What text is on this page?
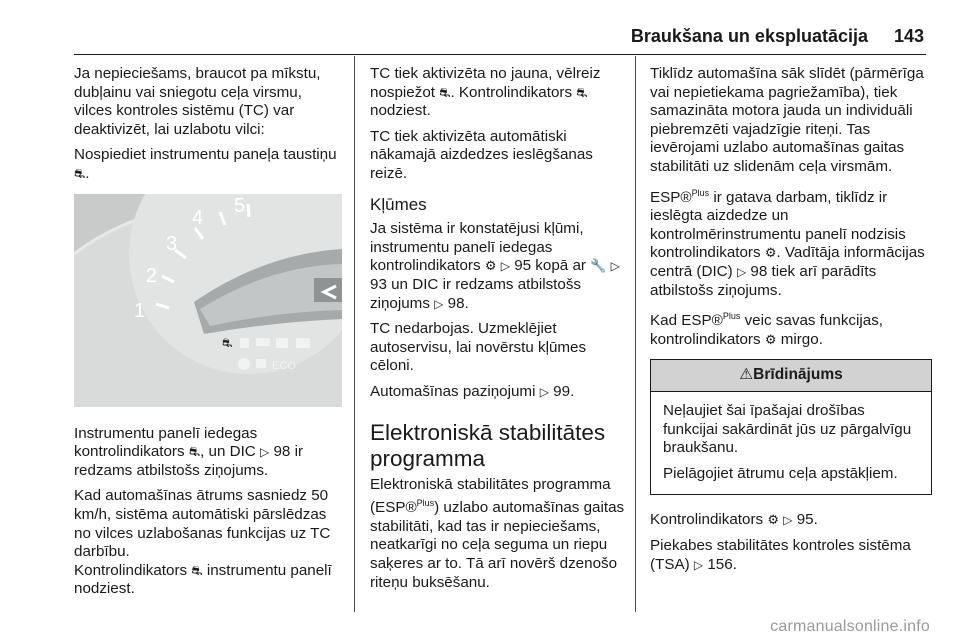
Braukšana un ekspluatācija 143

Ja nepieciešams, braucot pa mīkstu, dubļainu vai sniegotu ceļa virsmu, vilces kontroles sistēmu (TC) var deaktivizēt, lai uzlabotu vilci:

Nospiediet instrumentu paneļa taustiņu ⛐.

1
2
3
4
5
⛐
ECO

Instrumentu panelī iedegas kontrolindikators ⛐, un DIC ▷ 98 ir redzams atbilstošs ziņojums.

Kad automašīnas ātrums sasniedz 50 km/h, sistēma automātiski pārslēdzas no vilces uzlabošanas funkcijas uz TC darbību.

Kontrolindikators ⛐ instrumentu panelī nodziest.

TC tiek aktivizēta no jauna, vēlreiz nospiežot ⛐. Kontrolindikators ⛐ nodziest.

TC tiek aktivizēta automātiski nākamajā aizdedzes ieslēgšanas reizē.

Kļūmes

Ja sistēma ir konstatējusi kļūmi, instrumentu panelī iedegas kontrolindikators ⚙ ▷ 95 kopā ar 🔧 ▷ 93 un DIC ir redzams atbilstošs ziņojums ▷ 98.

TC nedarbojas. Uzmeklējiet autoservisu, lai novērstu kļūmes cēloni.

Automašīnas paziņojumi ▷ 99.

Elektroniskā stabilitātes programma

Elektroniskā stabilitātes programma (ESP®$^{Plus}$) uzlabo automašīnas gaitas stabilitāti, kad tas ir nepieciešams, neatkarīgi no ceļa seguma un riepu saķeres ar to. Tā arī novērš dzenošo riteņu buksēšanu.

Tiklīdz automašīna sāk slīdēt (pārmērīga vai nepietiekama pagriežamība), tiek samazināta motora jauda un individuāli piebremzēti vajadzīgie riteņi. Tas ievērojami uzlabo automašīnas gaitas stabilitāti uz slidenām ceļa virsmām.

ESP®$^{Plus}$ ir gatava darbam, tiklīdz ir ieslēgta aizdedze un kontrolmērinstrumentu panelī nodzisis kontrolindikators ⚙. Vadītāja informācijas centrā (DIC) ▷ 98 tiek arī parādīts atbilstošs ziņojums.

Kad ESP®$^{Plus}$ veic savas funkcijas, kontrolindikators ⚙ mirgo.

⚠Brīdinājums

Neļaujiet šai īpašajai drošības funkcijai sakārdināt jūs uz pārgalvīgu braukšanu.

Pielāgojiet ātrumu ceļa apstākļiem.

Kontrolindikators ⚙ ▷ 95.

Piekabes stabilitātes kontroles sistēma (TSA) ▷ 156.

carmanualsonline.info
